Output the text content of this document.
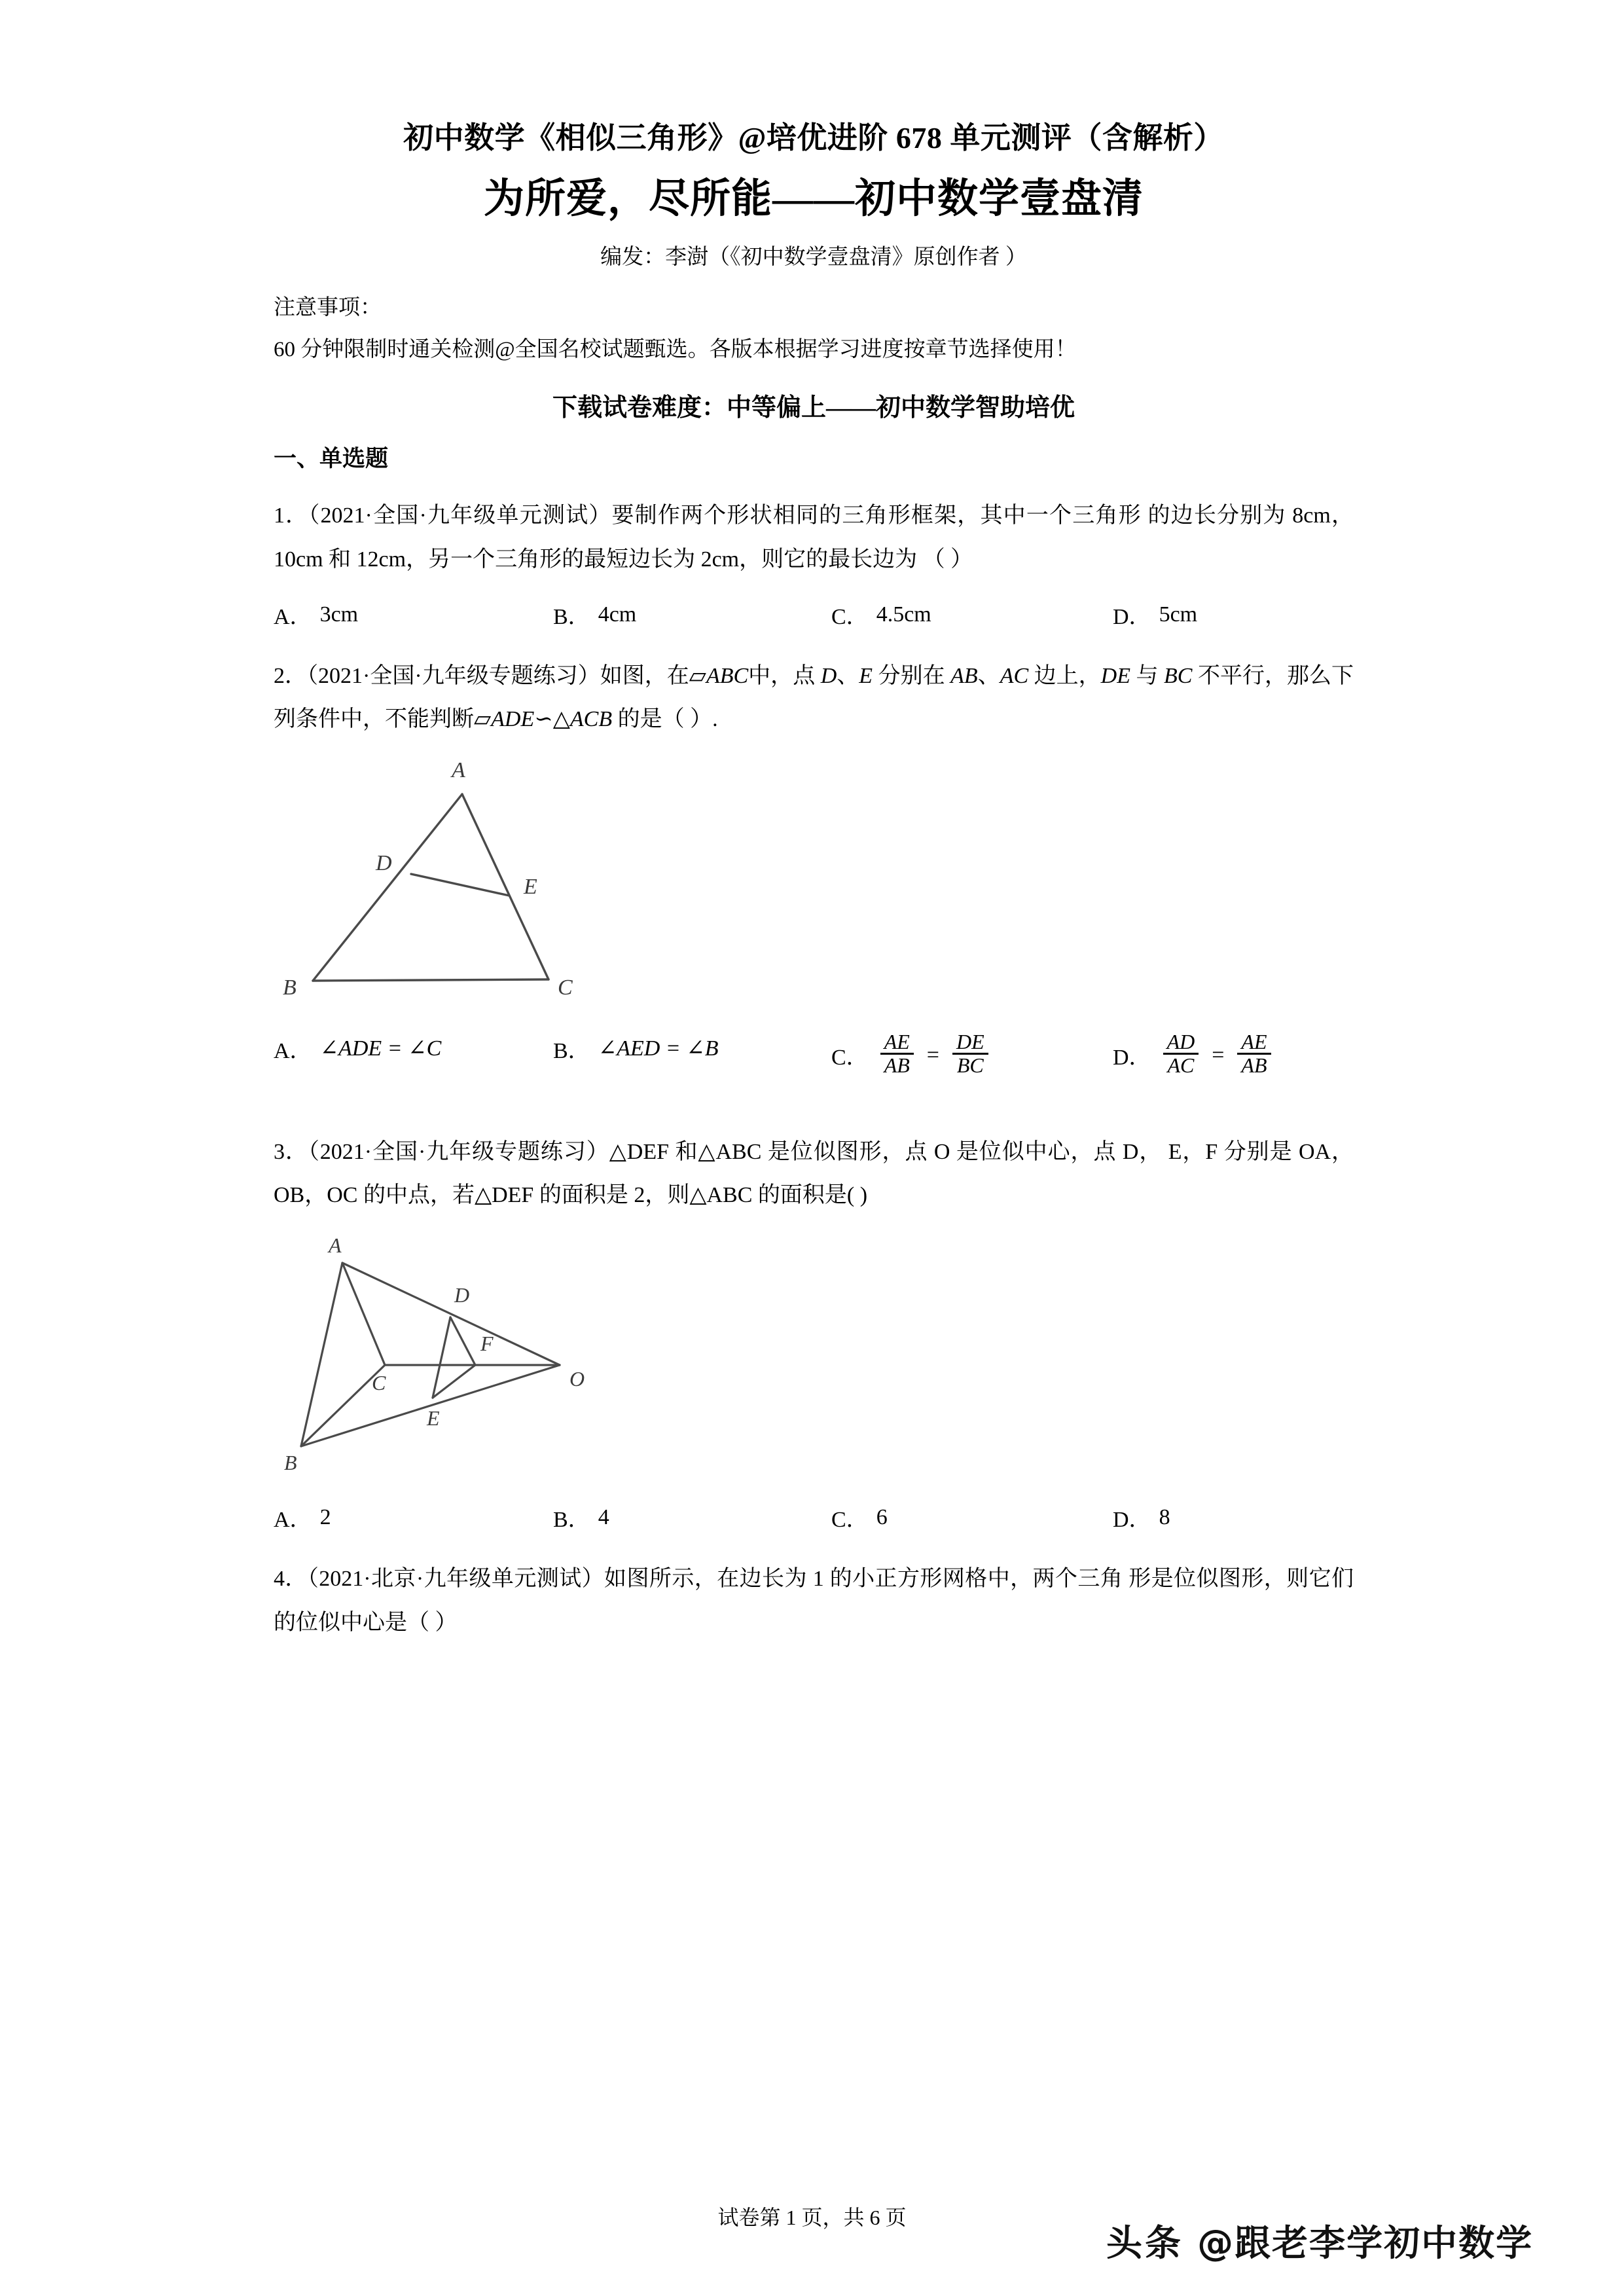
初中数学《相似三角形》@培优进阶 678 单元测评（含解析）
为所爱，尽所能——初中数学壹盘清
编发：李澍（《初中数学壹盘清》原创作者 ）
注意事项：
60 分钟限制时通关检测@全国名校试题甄选。各版本根据学习进度按章节选择使用！
下载试卷难度：中等偏上——初中数学智助培优
一、单选题
1．（2021·全国·九年级单元测试）要制作两个形状相同的三角形框架，其中一个三角形 的边长分别为 8cm，10cm 和 12cm，另一个三角形的最短边长为 2cm，则它的最长边为 （ ）
A． 3cm	B． 4cm	C． 4.5cm	D． 5cm
2．（2021·全国·九年级专题练习）如图，在▱ABC中，点 D、E 分别在 AB、AC 边上，DE 与 BC 不平行，那么下列条件中，不能判断▱ADE∽△ACB 的是（ ）.
A
B	C
D
E
A． ∠ADE = ∠C	B． ∠AED = ∠B	C． $\frac{AE}{AB} = \frac{DE}{BC}$	D． $\frac{AD}{AC} = \frac{AE}{AB}$
3．（2021·全国·九年级专题练习）△DEF 和△ABC 是位似图形，点 O 是位似中心，点 D， E，F 分别是 OA，OB，OC 的中点，若△DEF 的面积是 2，则△ABC 的面积是( )
A
B
C
D
E
F
O
A． 2	B． 4	C． 6	D． 8
4．（2021·北京·九年级单元测试）如图所示，在边长为 1 的小正方形网格中，两个三角 形是位似图形，则它们的位似中心是（ ）
试卷第 1 页，共 6 页
头条 @跟老李学初中数学
